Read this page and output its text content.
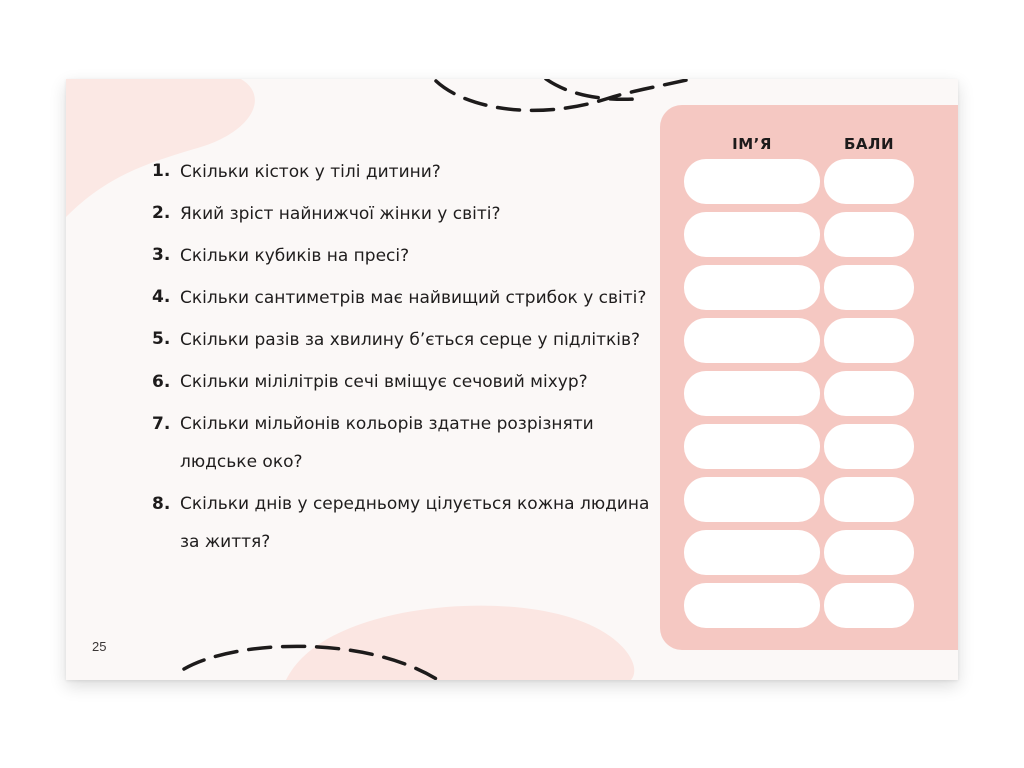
1. Скільки кісток у тілі дитини?
2. Який зріст найнижчої жінки у світі?
3. Скільки кубиків на пресі?
4. Скільки сантиметрів має найвищий стрибок у світі?
5. Скільки разів за хвилину б’ється серце у підлітків?
6. Скільки мілілітрів сечі вміщує сечовий міхур?
7. Скільки мільйонів кольорів здатне розрізняти людське око?
8. Скільки днів у середньому цілується кожна людина за життя?
ІМ’Я	БАЛИ
25
